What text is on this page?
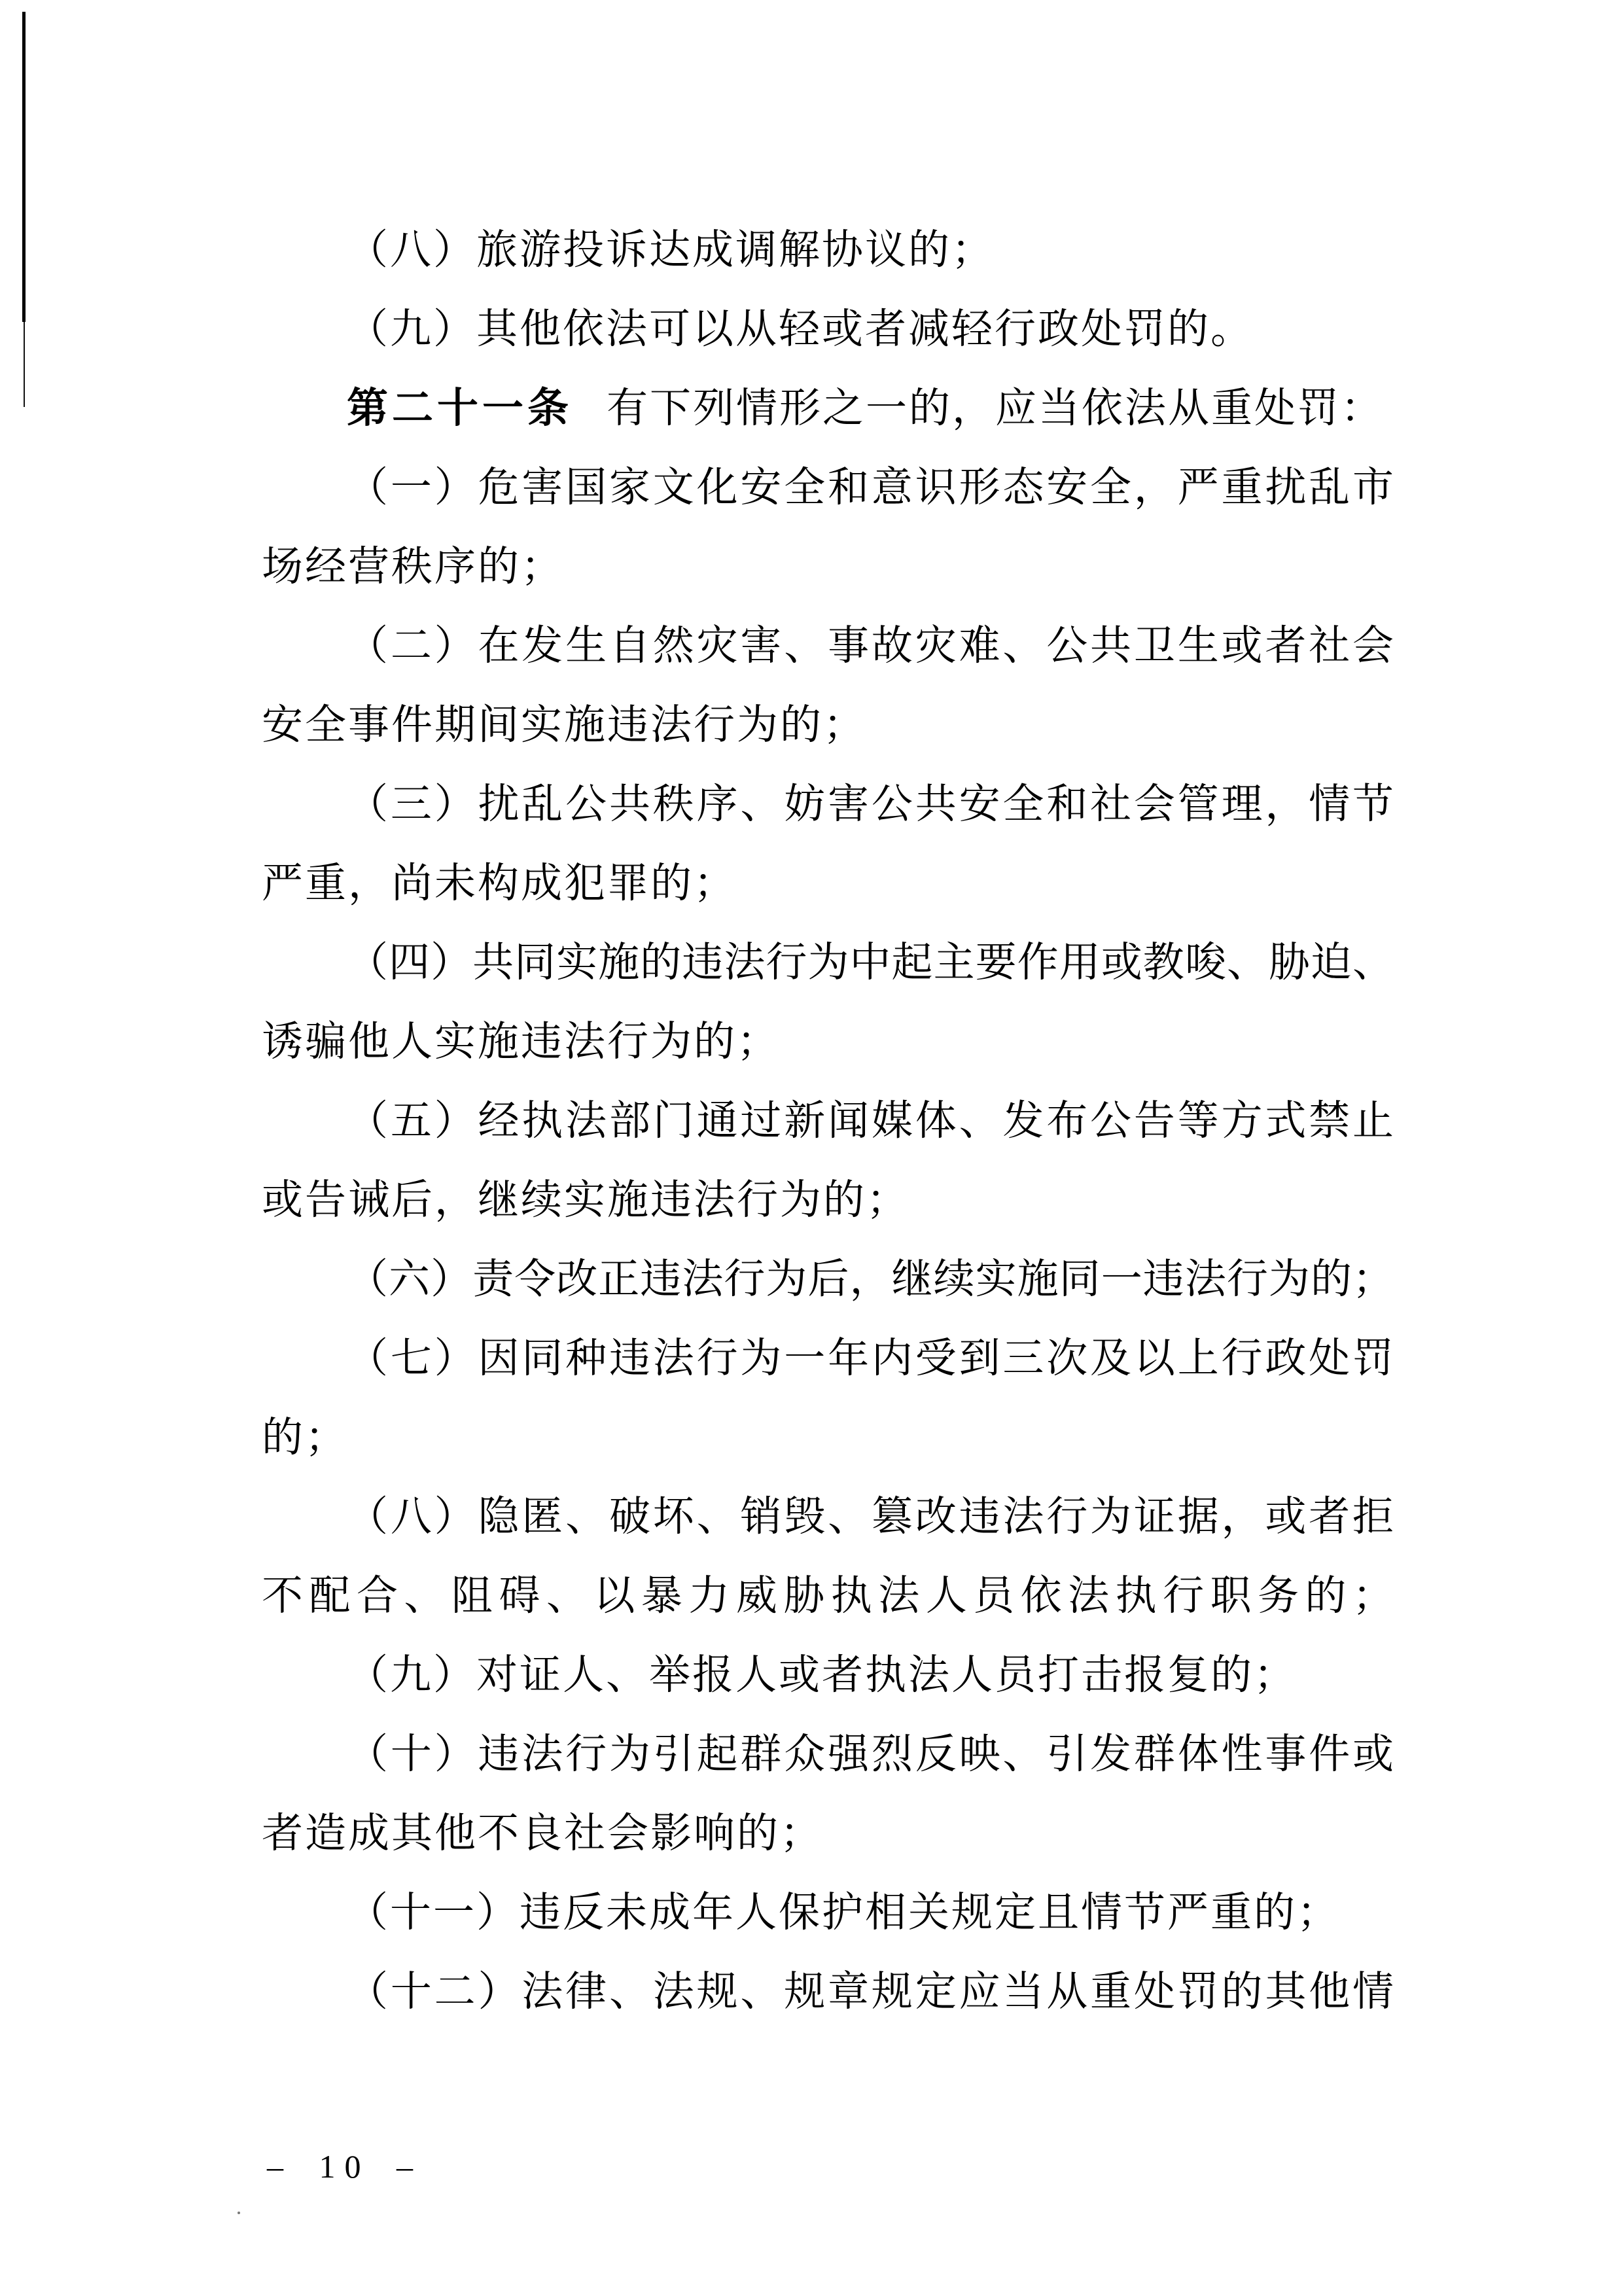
（八）旅游投诉达成调解协议的；
（九）其他依法可以从轻或者减轻行政处罚的。
第二十一条 有下列情形之一的，应当依法从重处罚：
（一）危害国家文化安全和意识形态安全，严重扰乱市
场经营秩序的；
（二）在发生自然灾害、事故灾难、公共卫生或者社会
安全事件期间实施违法行为的；
（三）扰乱公共秩序、妨害公共安全和社会管理，情节
严重，尚未构成犯罪的；
（四）共同实施的违法行为中起主要作用或教唆、胁迫、
诱骗他人实施违法行为的；
（五）经执法部门通过新闻媒体、发布公告等方式禁止
或告诫后，继续实施违法行为的；
（六）责令改正违法行为后，继续实施同一违法行为的；
（七）因同种违法行为一年内受到三次及以上行政处罚
的；
（八）隐匿、破坏、销毁、篡改违法行为证据，或者拒
不配合、阻碍、以暴力威胁执法人员依法执行职务的；
（九）对证人、举报人或者执法人员打击报复的；
（十）违法行为引起群众强烈反映、引发群体性事件或
者造成其他不良社会影响的；
（十一）违反未成年人保护相关规定且情节严重的；
（十二）法律、法规、规章规定应当从重处罚的其他情
– 10 –
